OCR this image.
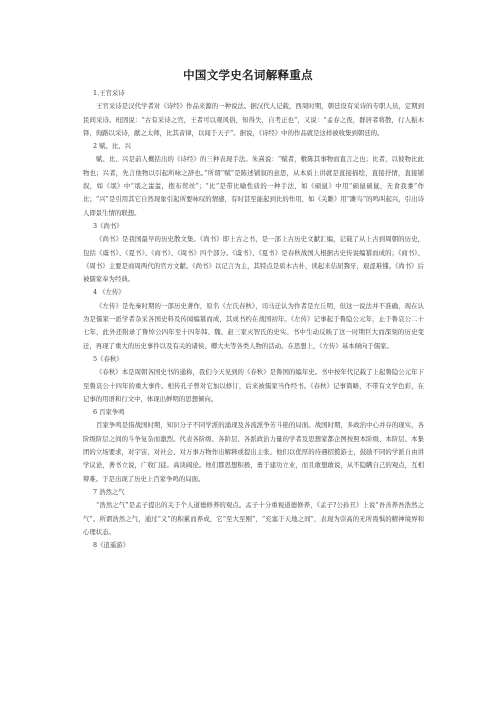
中国文学史名词解释重点
1.王官采诗
王官采诗是汉代学者对《诗经》作品来源的一种说法。据汉代人记载，西周时期，朝廷设有采诗的专职人员，定期到民间采诗。班固说：“古有采诗之官，王者可以观风俗，知得失，自考正也”，又说：“孟春之夜，群居者将散，行人振木铎，徇路以采诗，献之太师，比其音律，以闻于天子”。据说，《诗经》中的作品就是这样被收集到朝廷的。
2 赋、比、兴
赋、比、兴是前人概括出的《诗经》的三种表现手法。朱熹说：“赋者，敷陈其事物而直言之也；比者，以彼物比此物也；兴者，先言他物以引起所咏之辞也。”所谓“赋”是陈述铺叙的意思，从本质上讲就是直接描绘，直接抒情，直接铺叙，如《氓》中“氓之蚩蚩，抱布贸丝”；“比”是带比喻性质的一种手法，如《硕鼠》中用“硕鼠硕鼠，无食我黍”作比；“兴”是引用其它自然现象引起所要咏叹的情感，有时甚至能起到比的作用，如《关雎》用“雎鸟”的鸣叫起兴，引出诗人即景生情的联想。
3《尚书》
《尚书》是我国最早的历史散文集。《尚书》即上古之书，是一部上古历史文献汇编，记载了从上古到周朝的历史，包括《虞书》、《夏书》、《商书》、《周书》四个部分。《虞书》、《夏书》是春秋战国人根据古史传说编纂而成的；《商书》、《周书》主要是商周两代的官方文献。《尚书》以记言为主，其特点是质木古朴，读起来佶屈聱牙，艰涩难懂。《尚书》后被儒家奉为经典。
4 《左传》
《左传》是先秦时期的一部历史著作，原名《左氏春秋》，司马迁认为作者是左丘明，但这一说法并不准确，现在认为是儒家一派学者杂采各国史料及传闻编纂而成，其成书约在战国初年。《左传》记事起于鲁隐公元年，止于鲁哀公二十七年，此外还附录了鲁悼公四年至十四年韩、魏、赵三家灭智氏的史实。书中生动反映了这一时期巨大而深刻的历史变迁，再现了重大的历史事件以及有关的诸侯、卿大夫等各类人物的活动。在思想上，《左传》基本倾向于儒家。
5《春秋》
《春秋》本是周朝各国史书的通称，我们今天见到的《春秋》是鲁国的编年史。书中按年代记载了上起鲁隐公元年下至鲁哀公十四年的重大事件。相传孔子曾对它加以修订，后来被儒家当作经书。《春秋》记事简略，不带有文学色彩，在记事的用语和行文中，体现出鲜明的思想倾向。
6 百家争鸣
百家争鸣是指战国时期，知识分子不同学派的涌现及各流派争芳斗艳的局面。战国时期，多政治中心并存的现实，各阶级阶层之间的斗争复杂而激烈。代表各阶级、各阶层、各派政治力量的学者及思想家都企图按照本阶级、本阶层、本集团的立场要求，对宇宙、对社会、对万事万物作出解释或提出主张。他们以优厚的待遇招揽游士，鼓励不同的学派自由讲学议论，著书立说，广收门徒。高谈阔论。他们都思想积极，勇于建功立业，而且敢想敢说，从不隐瞒自己的观点，互相辩难。于是出现了历史上百家争鸣的局面。
7 浩然之气
“浩然之气”是孟子提出的关于个人道德修养的观点。孟子十分重视道德修养，《孟子?公孙丑》上说“吾善养吾浩然之气”。所谓浩然之气，通过“义”的积累而养成，它“至大至刚”，“充塞于天地之间”，表现为崇高的无所畏惧的精神境界和心理状态。
8《逍遥游》
